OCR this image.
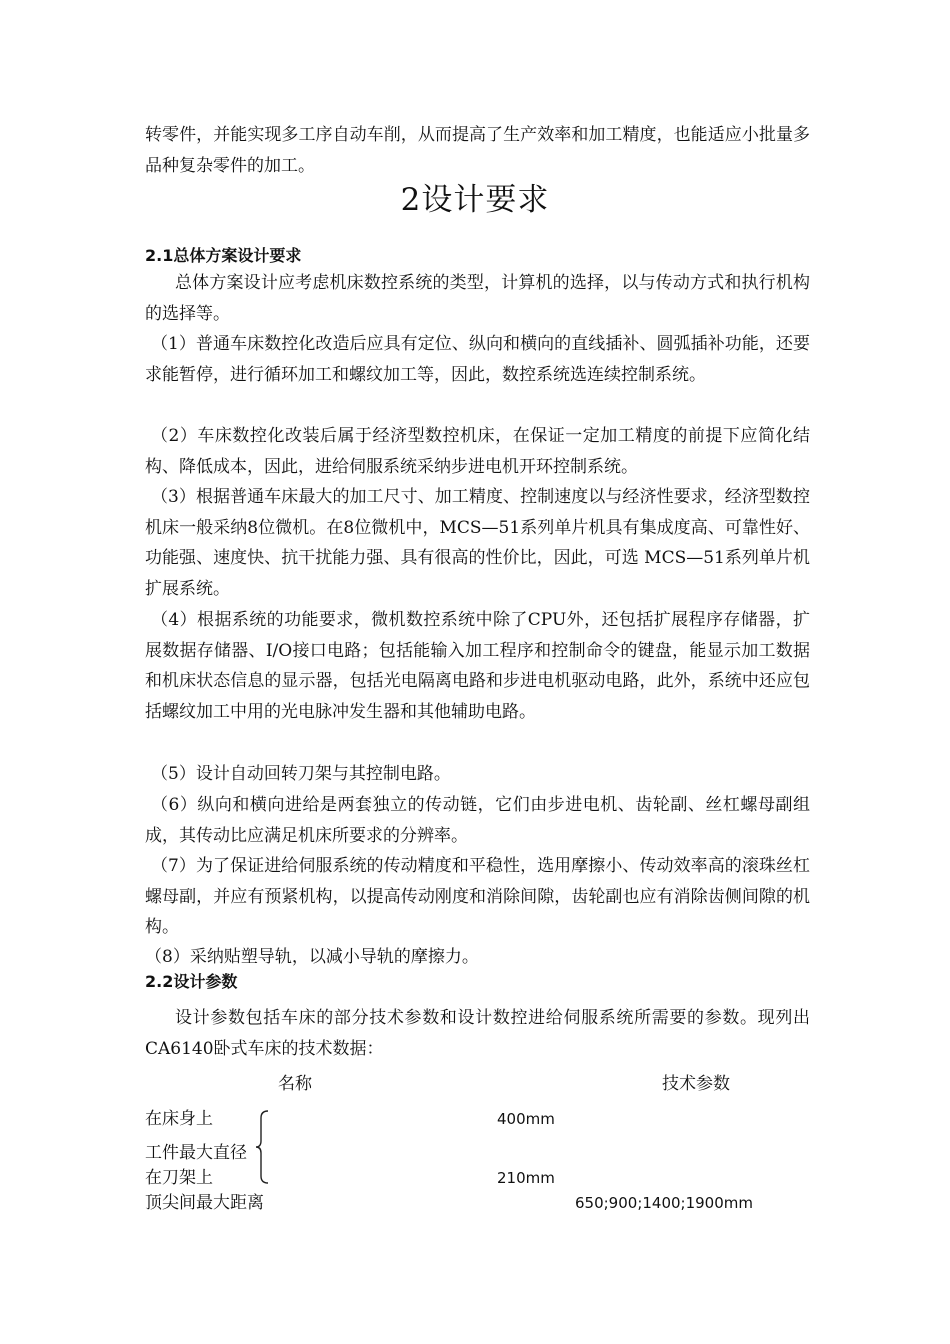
转零件，并能实现多工序自动车削，从而提高了生产效率和加工精度，也能适应小批量多品种复杂零件的加工。

2设计要求
2.1总体方案设计要求

总体方案设计应考虑机床数控系统的类型，计算机的选择，以与传动方式和执行机构的选择等。

（1）普通车床数控化改造后应具有定位、纵向和横向的直线插补、圆弧插补功能，还要求能暂停，进行循环加工和螺纹加工等，因此，数控系统选连续控制系统。

（2）车床数控化改装后属于经济型数控机床，在保证一定加工精度的前提下应简化结构、降低成本，因此，进给伺服系统采纳步进电机开环控制系统。

（3）根据普通车床最大的加工尺寸、加工精度、控制速度以与经济性要求，经济型数控机床一般采纳8位微机。在8位微机中，MCS—51系列单片机具有集成度高、可靠性好、功能强、速度快、抗干扰能力强、具有很高的性价比，因此，可选 MCS—51系列单片机扩展系统。

（4）根据系统的功能要求，微机数控系统中除了CPU外，还包括扩展程序存储器，扩展数据存储器、I/O接口电路；包括能输入加工程序和控制命令的键盘，能显示加工数据和机床状态信息的显示器，包括光电隔离电路和步进电机驱动电路，此外，系统中还应包括螺纹加工中用的光电脉冲发生器和其他辅助电路。

（5）设计自动回转刀架与其控制电路。

（6）纵向和横向进给是两套独立的传动链，它们由步进电机、齿轮副、丝杠螺母副组成，其传动比应满足机床所要求的分辨率。

（7）为了保证进给伺服系统的传动精度和平稳性，选用摩擦小、传动效率高的滚珠丝杠螺母副，并应有预紧机构，以提高传动刚度和消除间隙，齿轮副也应有消除齿侧间隙的机构。

（8）采纳贴塑导轨，以减小导轨的摩擦力。

2.2设计参数

设计参数包括车床的部分技术参数和设计数控进给伺服系统所需要的参数。现列出CA6140卧式车床的技术数据：

名称	技术参数
在床身上	400mm
工件最大直径
在刀架上	210mm
顶尖间最大距离	650;900;1400;1900mm
